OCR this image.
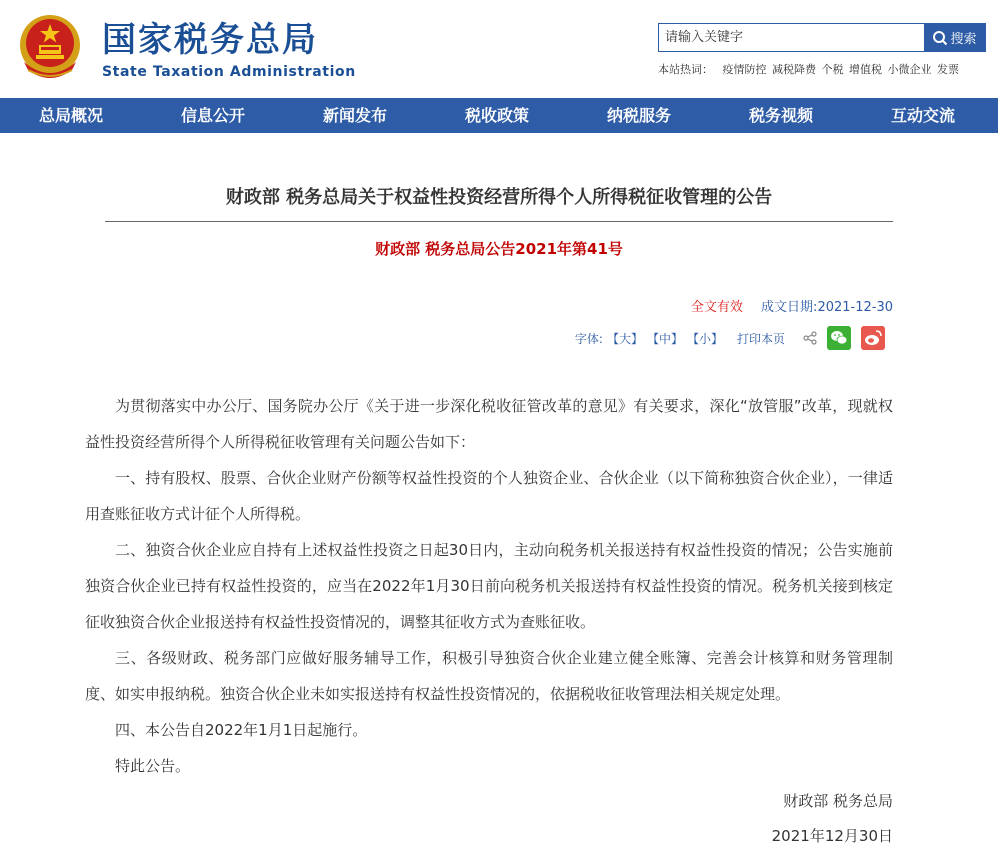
国家税务总局
State Taxation Administration
请输入关键字
搜索
本站热词： 疫情防控 减税降费 个税 增值税 小微企业 发票
总局概况	信息公开	新闻发布	税收政策	纳税服务	税务视频	互动交流
财政部 税务总局关于权益性投资经营所得个人所得税征收管理的公告
财政部 税务总局公告2021年第41号
全文有效 成文日期:2021-12-30
字体: 【大】 【中】 【小】 打印本页

为贯彻落实中办公厅、国务院办公厅《关于进一步深化税收征管改革的意见》有关要求，深化“放管服”改革，现就权益性投资经营所得个人所得税征收管理有关问题公告如下：

一、持有股权、股票、合伙企业财产份额等权益性投资的个人独资企业、合伙企业（以下简称独资合伙企业），一律适用查账征收方式计征个人所得税。

二、独资合伙企业应自持有上述权益性投资之日起30日内，主动向税务机关报送持有权益性投资的情况；公告实施前独资合伙企业已持有权益性投资的，应当在2022年1月30日前向税务机关报送持有权益性投资的情况。税务机关接到核定征收独资合伙企业报送持有权益性投资情况的，调整其征收方式为查账征收。

三、各级财政、税务部门应做好服务辅导工作，积极引导独资合伙企业建立健全账簿、完善会计核算和财务管理制度、如实申报纳税。独资合伙企业未如实报送持有权益性投资情况的，依据税收征收管理法相关规定处理。

四、本公告自2022年1月1日起施行。

特此公告。

财政部 税务总局
2021年12月30日
